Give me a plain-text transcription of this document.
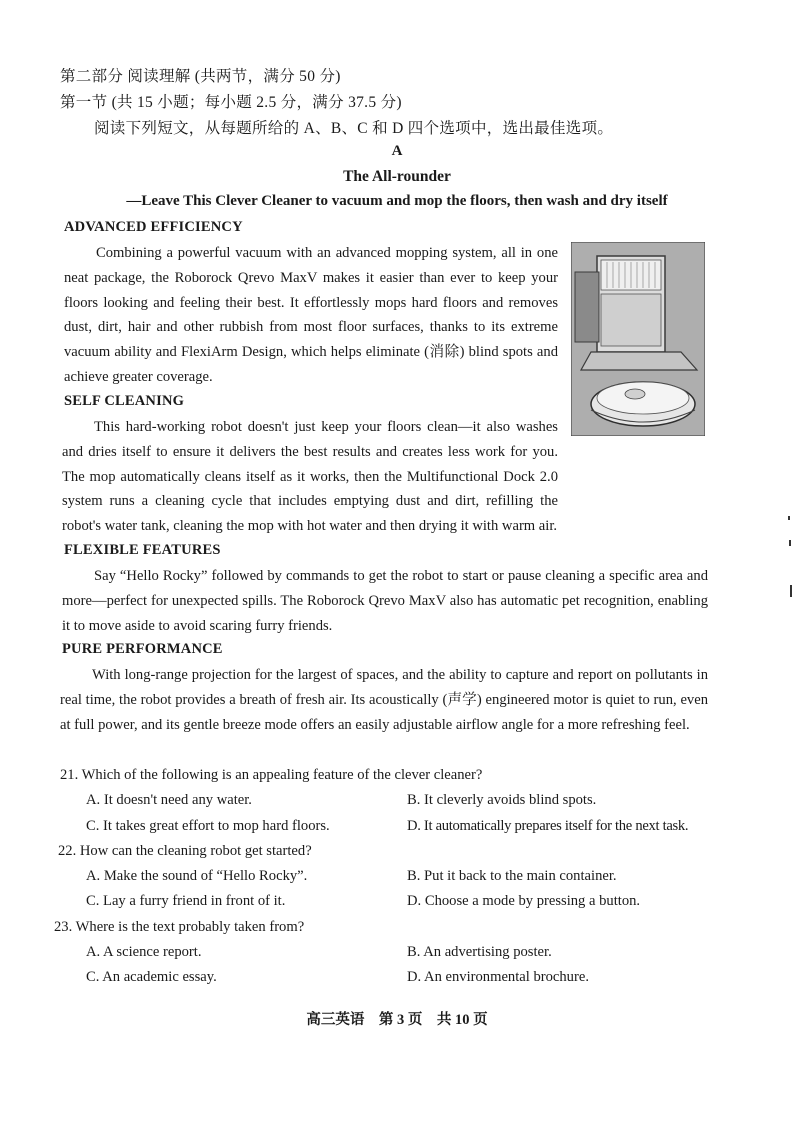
第二部分 阅读理解 (共两节，满分 50 分)
第一节 (共 15 小题；每小题 2.5 分，满分 37.5 分)
阅读下列短文，从每题所给的 A、B、C 和 D 四个选项中，选出最佳选项。
A
The All-rounder
—Leave This Clever Cleaner to vacuum and mop the floors, then wash and dry itself
ADVANCED EFFICIENCY

Combining a powerful vacuum with an advanced mopping system, all in one neat package, the Roborock Qrevo MaxV makes it easier than ever to keep your floors looking and feeling their best. It effortlessly mops hard floors and removes dust, dirt, hair and other rubbish from most floor surfaces, thanks to its extreme vacuum ability and FlexiArm Design, which helps eliminate (消除) blind spots and achieve greater coverage.

SELF CLEANING

This hard-working robot doesn't just keep your floors clean—it also washes and dries itself to ensure it delivers the best results and creates less work for you. The mop automatically cleans itself as it works, then the Multifunctional Dock 2.0 system runs a cleaning cycle that includes emptying dust and dirt, refilling the robot's water tank, cleaning the mop with hot water and then drying it with warm air.

FLEXIBLE FEATURES

Say “Hello Rocky” followed by commands to get the robot to start or pause cleaning a specific area and more—perfect for unexpected spills. The Roborock Qrevo MaxV also has automatic pet recognition, enabling it to move aside to avoid scaring furry friends.

PURE PERFORMANCE

With long-range projection for the largest of spaces, and the ability to capture and report on pollutants in real time, the robot provides a breath of fresh air. Its acoustically (声学) engineered motor is quiet to run, even at full power, and its gentle breeze mode offers an easily adjustable airflow angle for a more refreshing feel.

21. Which of the following is an appealing feature of the clever cleaner?
A. It doesn't need any water.	B. It cleverly avoids blind spots.
C. It takes great effort to mop hard floors.	D. It automatically prepares itself for the next task.
22. How can the cleaning robot get started?
A. Make the sound of “Hello Rocky”.	B. Put it back to the main container.
C. Lay a furry friend in front of it.	D. Choose a mode by pressing a button.
23. Where is the text probably taken from?
A. A science report.	B. An advertising poster.
C. An academic essay.	D. An environmental brochure.
高三英语　第 3 页　共 10 页
